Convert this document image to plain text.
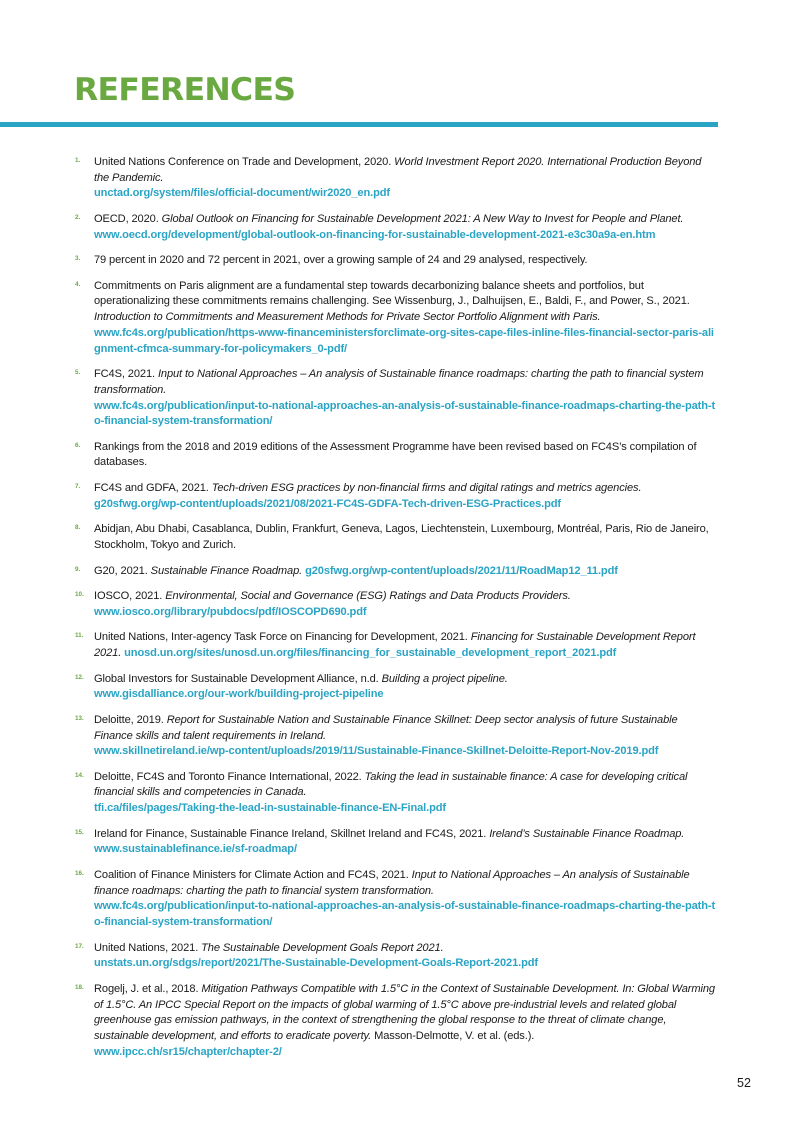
REFERENCES
1. United Nations Conference on Trade and Development, 2020. World Investment Report 2020. International Production Beyond the Pandemic.
unctad.org/system/files/official-document/wir2020_en.pdf
2. OECD, 2020. Global Outlook on Financing for Sustainable Development 2021: A New Way to Invest for People and Planet.
www.oecd.org/development/global-outlook-on-financing-for-sustainable-development-2021-e3c30a9a-en.htm
3. 79 percent in 2020 and 72 percent in 2021, over a growing sample of 24 and 29 analysed, respectively.
4. Commitments on Paris alignment are a fundamental step towards decarbonizing balance sheets and portfolios, but operationalizing these commitments remains challenging. See Wissenburg, J., Dalhuijsen, E., Baldi, F., and Power, S., 2021. Introduction to Commitments and Measurement Methods for Private Sector Portfolio Alignment with Paris.
www.fc4s.org/publication/https-www-financeministersforclimate-org-sites-cape-files-inline-files-financial-sector-paris-alignment-cfmca-summary-for-policymakers_0-pdf/
5. FC4S, 2021. Input to National Approaches – An analysis of Sustainable finance roadmaps: charting the path to financial system transformation.
www.fc4s.org/publication/input-to-national-approaches-an-analysis-of-sustainable-finance-roadmaps-charting-the-path-to-financial-system-transformation/
6. Rankings from the 2018 and 2019 editions of the Assessment Programme have been revised based on FC4S’s compilation of databases.
7. FC4S and GDFA, 2021. Tech-driven ESG practices by non-financial firms and digital ratings and metrics agencies.
g20sfwg.org/wp-content/uploads/2021/08/2021-FC4S-GDFA-Tech-driven-ESG-Practices.pdf
8. Abidjan, Abu Dhabi, Casablanca, Dublin, Frankfurt, Geneva, Lagos, Liechtenstein, Luxembourg, Montréal, Paris, Rio de Janeiro, Stockholm, Tokyo and Zurich.
9. G20, 2021. Sustainable Finance Roadmap. g20sfwg.org/wp-content/uploads/2021/11/RoadMap12_11.pdf
10. IOSCO, 2021. Environmental, Social and Governance (ESG) Ratings and Data Products Providers.
www.iosco.org/library/pubdocs/pdf/IOSCOPD690.pdf
11. United Nations, Inter-agency Task Force on Financing for Development, 2021. Financing for Sustainable Development Report 2021. unosd.un.org/sites/unosd.un.org/files/financing_for_sustainable_development_report_2021.pdf
12. Global Investors for Sustainable Development Alliance, n.d. Building a project pipeline.
www.gisdalliance.org/our-work/building-project-pipeline
13. Deloitte, 2019. Report for Sustainable Nation and Sustainable Finance Skillnet: Deep sector analysis of future Sustainable Finance skills and talent requirements in Ireland.
www.skillnetireland.ie/wp-content/uploads/2019/11/Sustainable-Finance-Skillnet-Deloitte-Report-Nov-2019.pdf
14. Deloitte, FC4S and Toronto Finance International, 2022. Taking the lead in sustainable finance: A case for developing critical financial skills and competencies in Canada.
tfi.ca/files/pages/Taking-the-lead-in-sustainable-finance-EN-Final.pdf
15. Ireland for Finance, Sustainable Finance Ireland, Skillnet Ireland and FC4S, 2021. Ireland’s Sustainable Finance Roadmap.
www.sustainablefinance.ie/sf-roadmap/
16. Coalition of Finance Ministers for Climate Action and FC4S, 2021. Input to National Approaches – An analysis of Sustainable finance roadmaps: charting the path to financial system transformation.
www.fc4s.org/publication/input-to-national-approaches-an-analysis-of-sustainable-finance-roadmaps-charting-the-path-to-financial-system-transformation/
17. United Nations, 2021. The Sustainable Development Goals Report 2021.
unstats.un.org/sdgs/report/2021/The-Sustainable-Development-Goals-Report-2021.pdf
18. Rogelj, J. et al., 2018. Mitigation Pathways Compatible with 1.5°C in the Context of Sustainable Development. In: Global Warming of 1.5°C. An IPCC Special Report on the impacts of global warming of 1.5°C above pre-industrial levels and related global greenhouse gas emission pathways, in the context of strengthening the global response to the threat of climate change, sustainable development, and efforts to eradicate poverty. Masson-Delmotte, V. et al. (eds.).
www.ipcc.ch/sr15/chapter/chapter-2/
52
